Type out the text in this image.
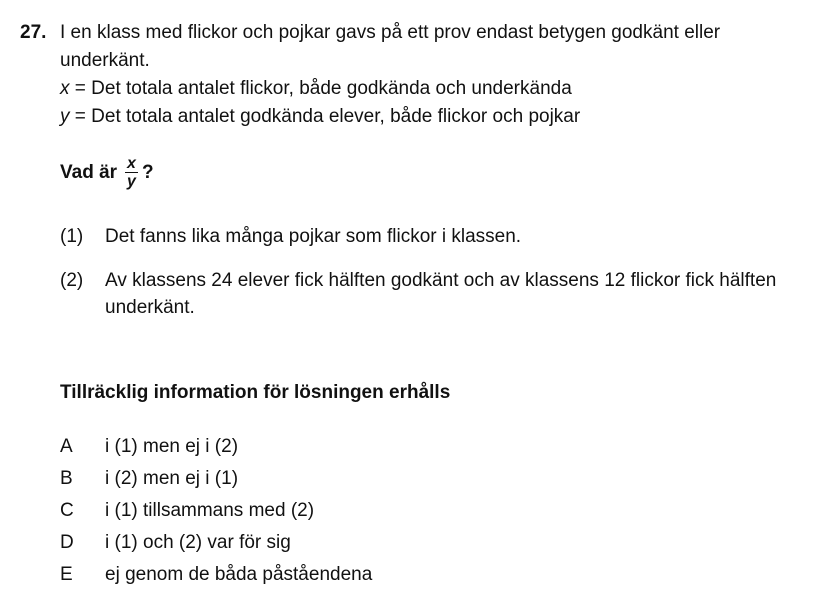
27. I en klass med flickor och pojkar gavs på ett prov endast betygen godkänt eller
underkänt.
x = Det totala antalet flickor, både godkända och underkända
y = Det totala antalet godkända elever, både flickor och pojkar
Vad är $\frac{x}{y}$ ?
(1) Det fanns lika många pojkar som flickor i klassen.
(2) Av klassens 24 elever fick hälften godkänt och av klassens 12 flickor fick hälften
underkänt.
Tillräcklig information för lösningen erhålls
A i (1) men ej i (2)
B i (2) men ej i (1)
C i (1) tillsammans med (2)
D i (1) och (2) var för sig
E ej genom de båda påståendena
